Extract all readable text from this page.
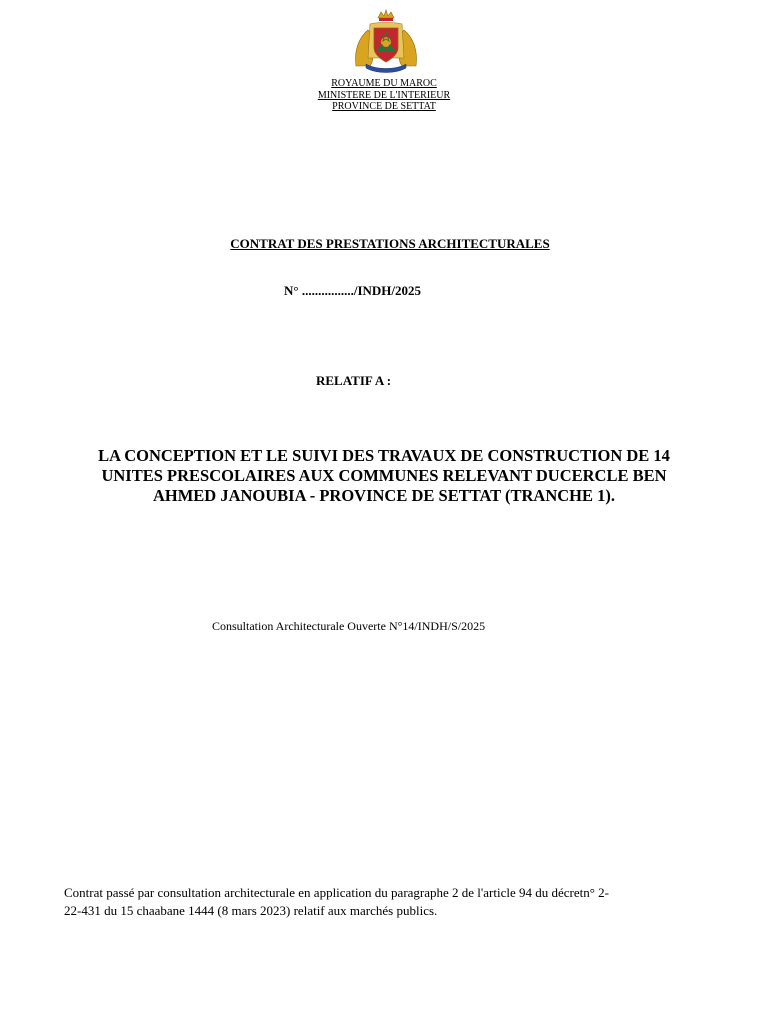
ROYAUME DU MAROC
MINISTERE DE L'INTERIEUR
PROVINCE DE SETTAT
CONTRAT DES PRESTATIONS ARCHITECTURALES
N° ................/INDH/2025
RELATIF A :
LA CONCEPTION ET LE SUIVI DES TRAVAUX DE CONSTRUCTION DE 14
UNITES PRESCOLAIRES AUX COMMUNES RELEVANT DUCERCLE BEN
AHMED JANOUBIA - PROVINCE DE SETTAT (TRANCHE 1).
Consultation Architecturale Ouverte N°14/INDH/S/2025
Contrat passé par consultation architecturale en application du paragraphe 2 de l'article 94 du décretn° 2-
22-431 du 15 chaabane 1444 (8 mars 2023) relatif aux marchés publics.
